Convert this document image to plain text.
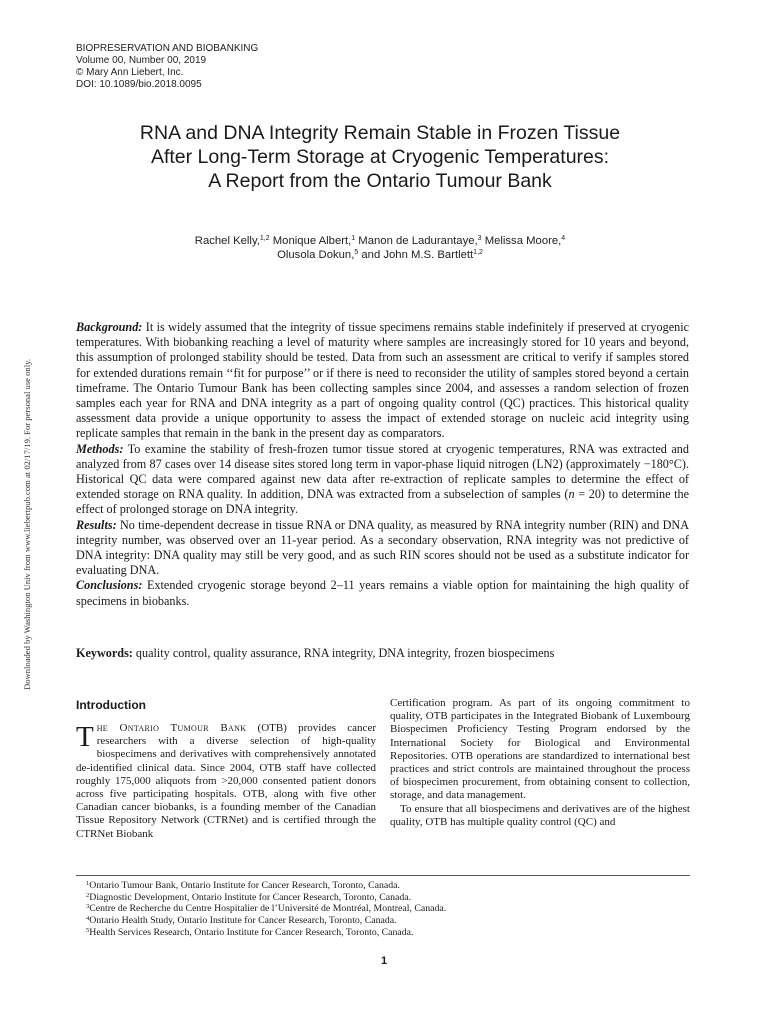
BIOPRESERVATION AND BIOBANKING
Volume 00, Number 00, 2019
© Mary Ann Liebert, Inc.
DOI: 10.1089/bio.2018.0095
RNA and DNA Integrity Remain Stable in Frozen Tissue
After Long-Term Storage at Cryogenic Temperatures:
A Report from the Ontario Tumour Bank
Rachel Kelly,$^{1,2}$ Monique Albert,$^1$ Manon de Ladurantaye,$^3$ Melissa Moore,$^4$
Olusola Dokun,$^5$ and John M.S. Bartlett$^{1,2}$
Downloaded by Washington Univ from www.liebertpub.com at 02/17/19. For personal use only.

Background: It is widely assumed that the integrity of tissue specimens remains stable indefinitely if preserved at cryogenic temperatures. With biobanking reaching a level of maturity where samples are increasingly stored for 10 years and beyond, this assumption of prolonged stability should be tested. Data from such an assessment are critical to verify if samples stored for extended durations remain ‘‘fit for purpose’’ or if there is need to reconsider the utility of samples stored beyond a certain timeframe. The Ontario Tumour Bank has been collecting samples since 2004, and assesses a random selection of frozen samples each year for RNA and DNA integrity as a part of ongoing quality control (QC) practices. This historical quality assessment data provide a unique opportunity to assess the impact of extended storage on nucleic acid integrity using replicate samples that remain in the bank in the present day as comparators.

Methods: To examine the stability of fresh-frozen tumor tissue stored at cryogenic temperatures, RNA was extracted and analyzed from 87 cases over 14 disease sites stored long term in vapor-phase liquid nitrogen (LN2) (approximately −180°C). Historical QC data were compared against new data after re-extraction of replicate samples to determine the effect of extended storage on RNA quality. In addition, DNA was extracted from a subselection of samples (n = 20) to determine the effect of prolonged storage on DNA integrity.

Results: No time-dependent decrease in tissue RNA or DNA quality, as measured by RNA integrity number (RIN) and DNA integrity number, was observed over an 11-year period. As a secondary observation, RNA integrity was not predictive of DNA integrity: DNA quality may still be very good, and as such RIN scores should not be used as a substitute indicator for evaluating DNA.

Conclusions: Extended cryogenic storage beyond 2–11 years remains a viable option for maintaining the high quality of specimens in biobanks.

Keywords: quality control, quality assurance, RNA integrity, DNA integrity, frozen biospecimens
Introduction

The Ontario Tumour Bank (OTB) provides cancer researchers with a diverse selection of high-quality biospecimens and derivatives with comprehensively annotated de-identified clinical data. Since 2004, OTB staff have collected roughly 175,000 aliquots from >20,000 consented patient donors across five participating hospitals. OTB, along with five other Canadian cancer biobanks, is a founding member of the Canadian Tissue Repository Network (CTRNet) and is certified through the CTRNet Biobank

Certification program. As part of its ongoing commitment to quality, OTB participates in the Integrated Biobank of Luxembourg Biospecimen Proficiency Testing Program endorsed by the International Society for Biological and Environmental Repositories. OTB operations are standardized to international best practices and strict controls are maintained throughout the process of biospecimen procurement, from obtaining consent to collection, storage, and data management.

To ensure that all biospecimens and derivatives are of the highest quality, OTB has multiple quality control (QC) and

$^1$Ontario Tumour Bank, Ontario Institute for Cancer Research, Toronto, Canada.
$^2$Diagnostic Development, Ontario Institute for Cancer Research, Toronto, Canada.
$^3$Centre de Recherche du Centre Hospitalier de l’Université de Montréal, Montreal, Canada.
$^4$Ontario Health Study, Ontario Institute for Cancer Research, Toronto, Canada.
$^5$Health Services Research, Ontario Institute for Cancer Research, Toronto, Canada.
1
